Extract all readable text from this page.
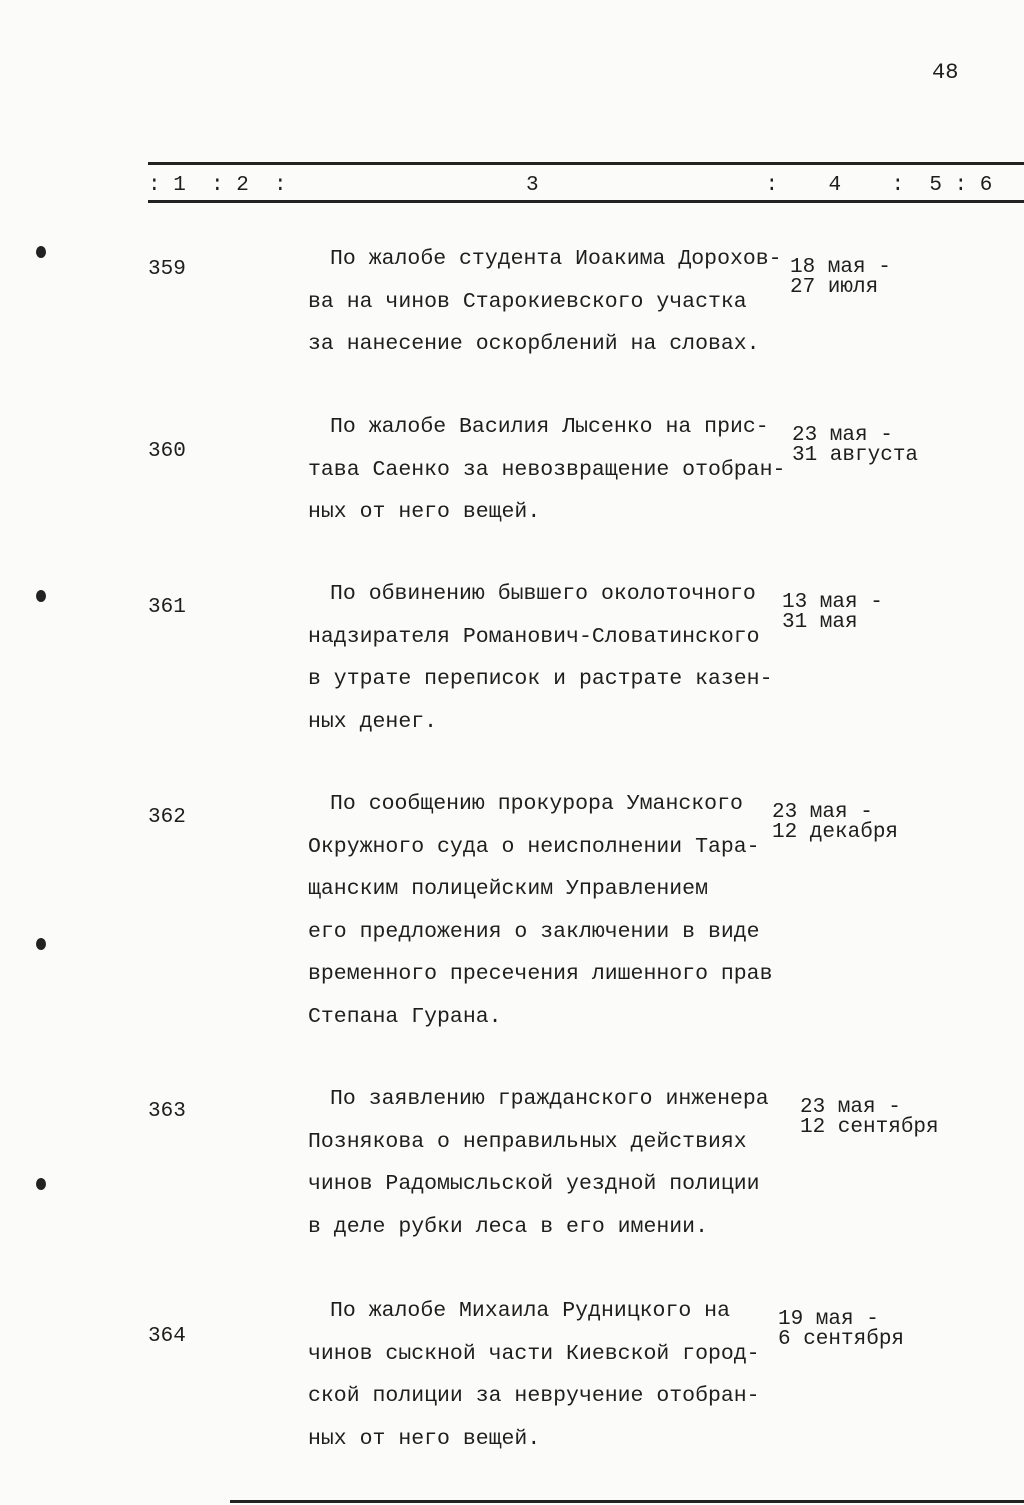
48
: 1  : 2  :                   3                  :    4    :  5 : 6
359	По жалобе студента Иоакима Дорохов-
ва на чинов Старокиевского участка
за нанесение оскорблений на словах.
18 мая -
27 июля
360
По жалобе Василия Лысенко на прис-
тава Саенко за невозвращение отобран-
ных от него вещей.
23 мая -
31 августа
361
По обвинению бывшего околоточного
надзирателя Романович-Словатинского
в утрате переписок и растрате казен-
ных денег.
13 мая -
31 мая
362
По сообщению прокурора Уманского
Окружного суда о неисполнении Тара-
щанским полицейским Управлением
его предложения о заключении в виде
временного пресечения лишенного прав
Степана Гурана.
23 мая -
12 декабря
363
По заявлению гражданского инженера
Познякова о неправильных действиях
чинов Радомысльской уездной полиции
в деле рубки леса в его имении.
23 мая -
12 сентября
364
По жалобе Михаила Рудницкого на
чинов сыскной части Киевской город-
ской полиции за невручение отобран-
ных от него вещей.
19 мая -
6 сентября
